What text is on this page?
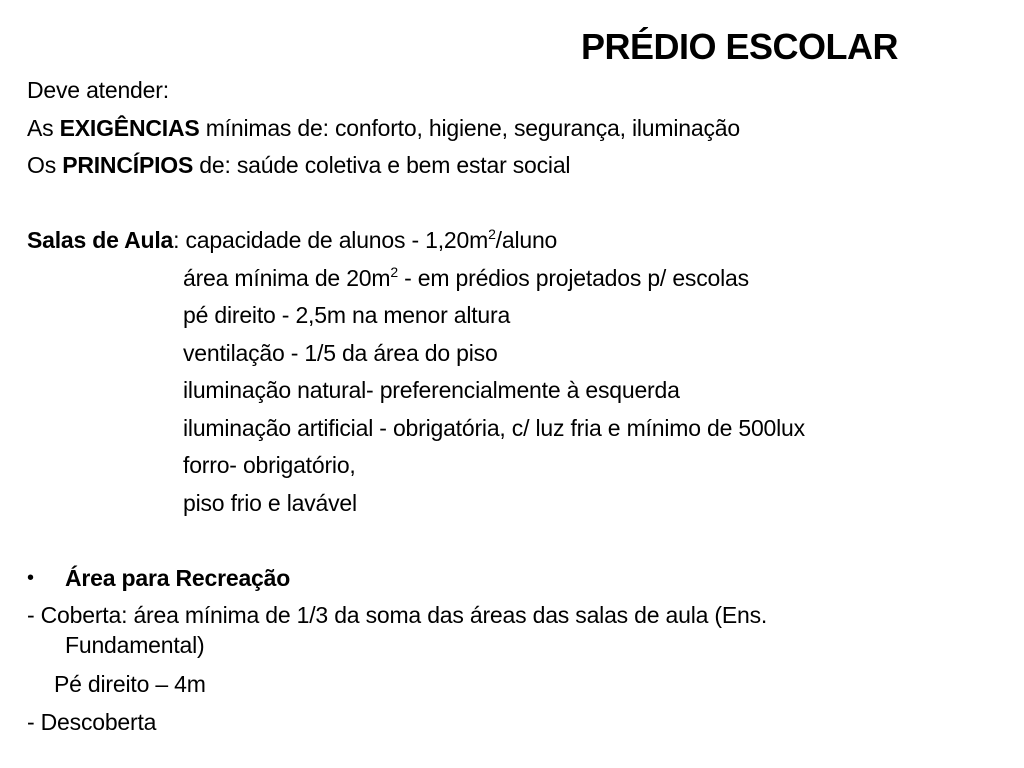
PRÉDIO ESCOLAR
Deve atender:
As EXIGÊNCIAS mínimas de: conforto, higiene, segurança, iluminação
Os PRINCÍPIOS de: saúde coletiva e bem estar social
Salas de Aula: capacidade de alunos - $1,20m^2$/aluno
área mínima de $20m^2$ - em prédios projetados p/ escolas
pé direito - 2,5m na menor altura
ventilação - 1/5 da área do piso
iluminação natural- preferencialmente à esquerda
iluminação artificial - obrigatória, c/ luz fria e mínimo de 500lux
forro- obrigatório,
piso frio e lavável
• Área para Recreação
- Coberta: área mínima de 1/3 da soma das áreas das salas de aula (Ens.
Fundamental)
Pé direito – 4m
- Descoberta
